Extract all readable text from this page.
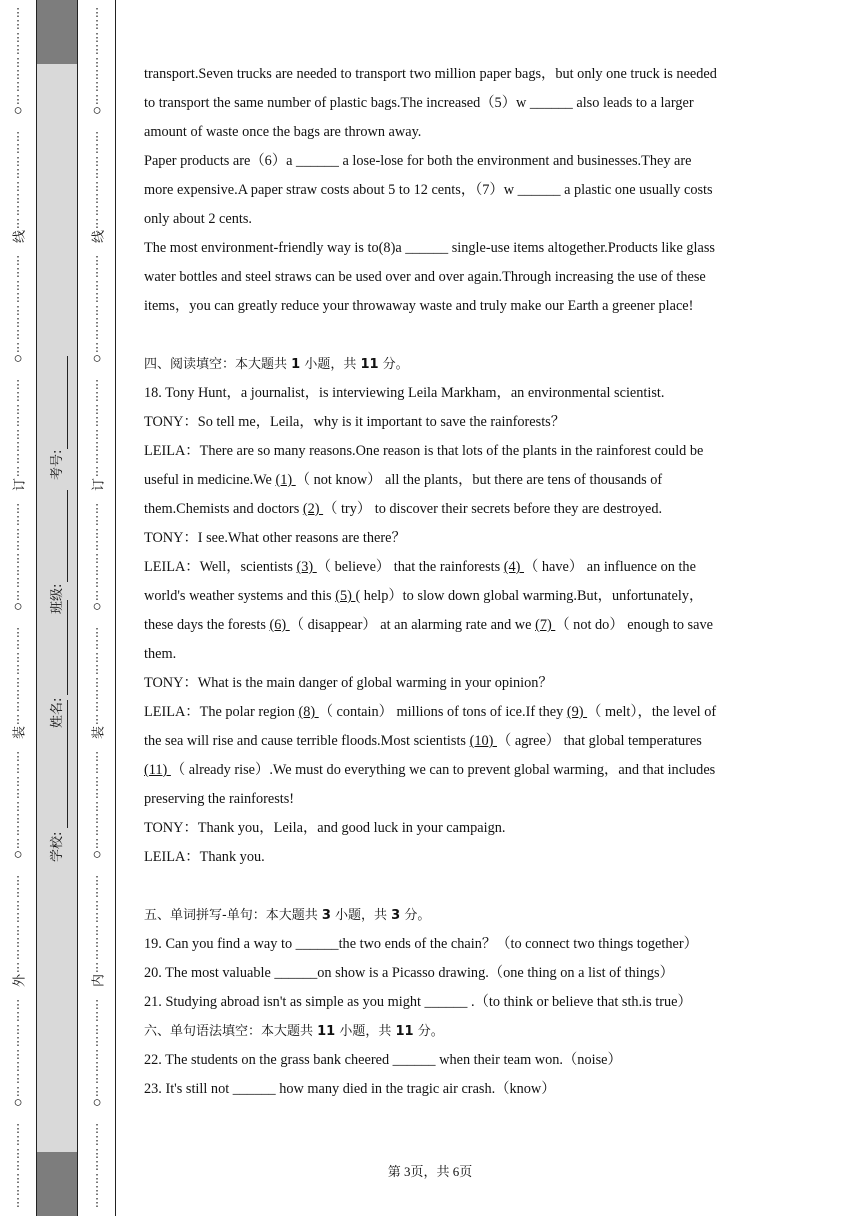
⋮
⋮
⋮
⋮
⋮
⋮
⋮
⋮
⋮
⋮
⋮
⋮
⋮
⋮
⋮
⋮
⋮
⋮
⋮
⋮
⋮
⋮
⋮
⋮
⋮
⋮
⋮
⋮
⋮
⋮
⋮
⋮
⋮
⋮
⋮
⋮
⋮
⋮
⋮
⋮
⋮
⋮
⋮
⋮
⋮
⋮
⋮
⋮
⋮
⋮
⋮
⋮
⋮
⋮
⋮
⋮
⋮
⋮
⋮
⋮
⋮
⋮
⋮
⋮
⋮
⋮
⋮
⋮
⋮
⋮
⋮
⋮
⋮
⋮
⋮
⋮
⋮
⋮
⋮
○
○
○
○
○
外
装
订
线
⋮
⋮
⋮
⋮
⋮
⋮
⋮
⋮
⋮
⋮
⋮
⋮
⋮
⋮
⋮
⋮
⋮
⋮
⋮
⋮
⋮
⋮
⋮
⋮
⋮
⋮
⋮
⋮
⋮
⋮
⋮
⋮
⋮
⋮
⋮
⋮
⋮
⋮
⋮
⋮
⋮
⋮
⋮
⋮
⋮
⋮
⋮
⋮
⋮
⋮
⋮
⋮
⋮
⋮
⋮
⋮
⋮
⋮
⋮
⋮
⋮
⋮
⋮
⋮
⋮
⋮
⋮
⋮
⋮
⋮
⋮
⋮
⋮
⋮
⋮
⋮
⋮
⋮
⋮
○
○
○
○
○
内
装
订
线
学校:
姓名:
班级:
考号:

transport.Seven trucks are needed to transport two million paper bags，but only one truck is needed to transport the same number of plastic bags.The increased（5）w ______ also leads to a larger amount of waste once the bags are thrown away.

Paper products are（6）a ______ a lose-lose for both the environment and businesses.They are more expensive.A paper straw costs about 5 to 12 cents，（7）w ______ a plastic one usually costs only about 2 cents.

The most environment-friendly way is to(8)a ______ single-use items altogether.Products like glass water bottles and steel straws can be used over and over again.Through increasing the use of these items，you can greatly reduce your throwaway waste and truly make our Earth a greener place!

四、阅读填空：本大题共 1 小题，共 11 分。

18. Tony Hunt，a journalist，is interviewing Leila Markham，an environmental scientist.

TONY：So tell me，Leila，why is it important to save the rainforests？

LEILA：There are so many reasons.One reason is that lots of the plants in the rainforest could be useful in medicine.We (1) （ not know） all the plants，but there are tens of thousands of them.Chemists and doctors (2) （ try） to discover their secrets before they are destroyed.

TONY：I see.What other reasons are there？

LEILA：Well，scientists (3) （ believe） that the rainforests (4) （ have） an influence on the world's weather systems and this (5) ( help）to slow down global warming.But，unfortunately，these days the forests (6) （ disappear） at an alarming rate and we (7) （ not do） enough to save them.

TONY：What is the main danger of global warming in your opinion？

LEILA：The polar region (8) （ contain） millions of tons of ice.If they (9) （ melt），the level of the sea will rise and cause terrible floods.Most scientists (10) （ agree） that global temperatures (11) （ already rise）.We must do everything we can to prevent global warming，and that includes preserving the rainforests!

TONY：Thank you，Leila，and good luck in your campaign.

LEILA：Thank you.

五、单词拼写-单句：本大题共 3 小题，共 3 分。

19. Can you find a way to ______the two ends of the chain？（to connect two things together）

20. The most valuable ______on show is a Picasso drawing.（one thing on a list of things）

21. Studying abroad isn't as simple as you might ______ .（to think or believe that sth.is true）

六、单句语法填空：本大题共 11 小题，共 11 分。

22. The students on the grass bank cheered ______ when their team won.（noise）

23. It's still not ______ how many died in the tragic air crash.（know）

第 3页，共 6页
